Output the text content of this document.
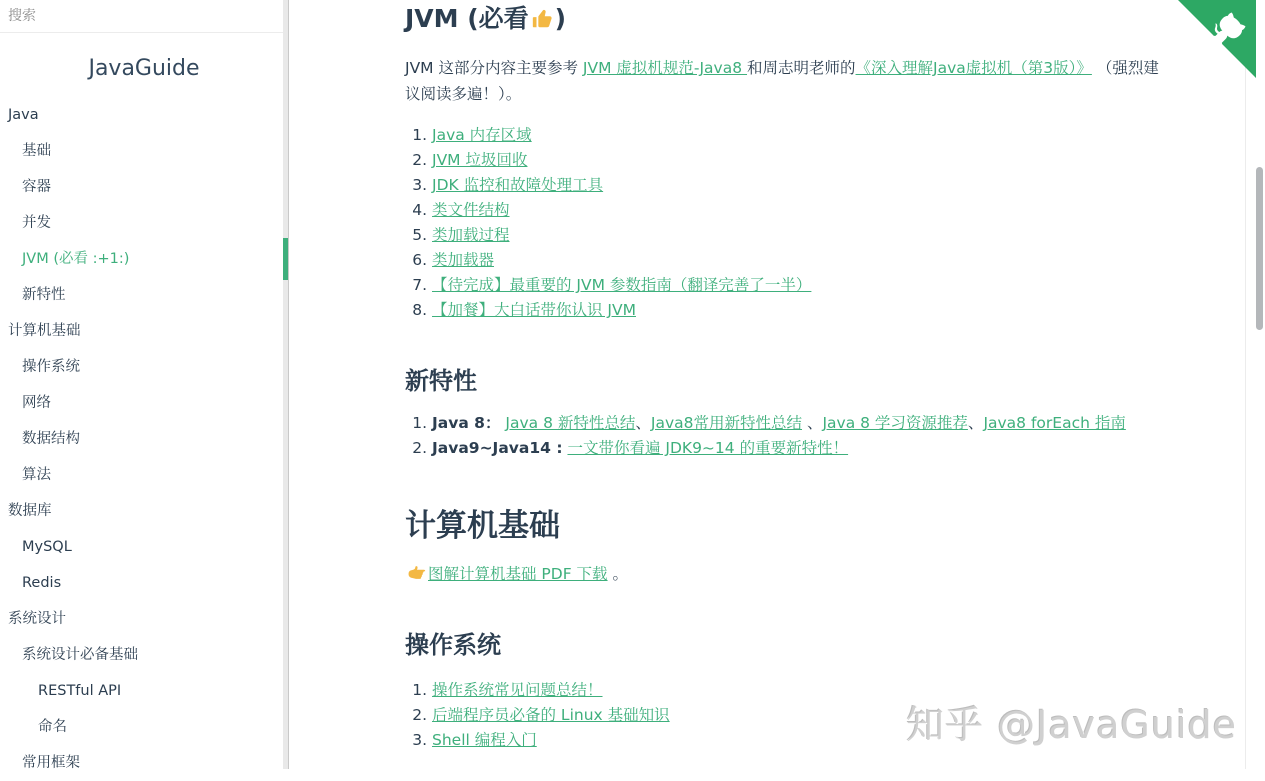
搜索
JavaGuide
Java
基础
容器
并发
JVM (必看 :+1:)
新特性
计算机基础
操作系统
网络
数据结构
算法
数据库
MySQL
Redis
系统设计
系统设计必备基础
RESTful API
命名
常用框架
JVM (必看 )

JVM 这部分内容主要参考 JVM 虚拟机规范-Java8 和周志明老师的《深入理解Java虚拟机（第3版）》 （强烈建议阅读多遍！）。

1. Java 内存区域
2. JVM 垃圾回收
3. JDK 监控和故障处理工具
4. 类文件结构
5. 类加载过程
6. 类加载器
7. 【待完成】最重要的 JVM 参数指南（翻译完善了一半）
8. 【加餐】大白话带你认识 JVM
新特性
1. Java 8： Java 8 新特性总结、Java8常用新特性总结 、Java 8 学习资源推荐、Java8 forEach 指南
2. Java9~Java14 : 一文带你看遍 JDK9~14 的重要新特性！
计算机基础

图解计算机基础 PDF 下载 。

操作系统
1. 操作系统常见问题总结！
2. 后端程序员必备的 Linux 基础知识
3. Shell 编程入门	知乎 @JavaGuide
